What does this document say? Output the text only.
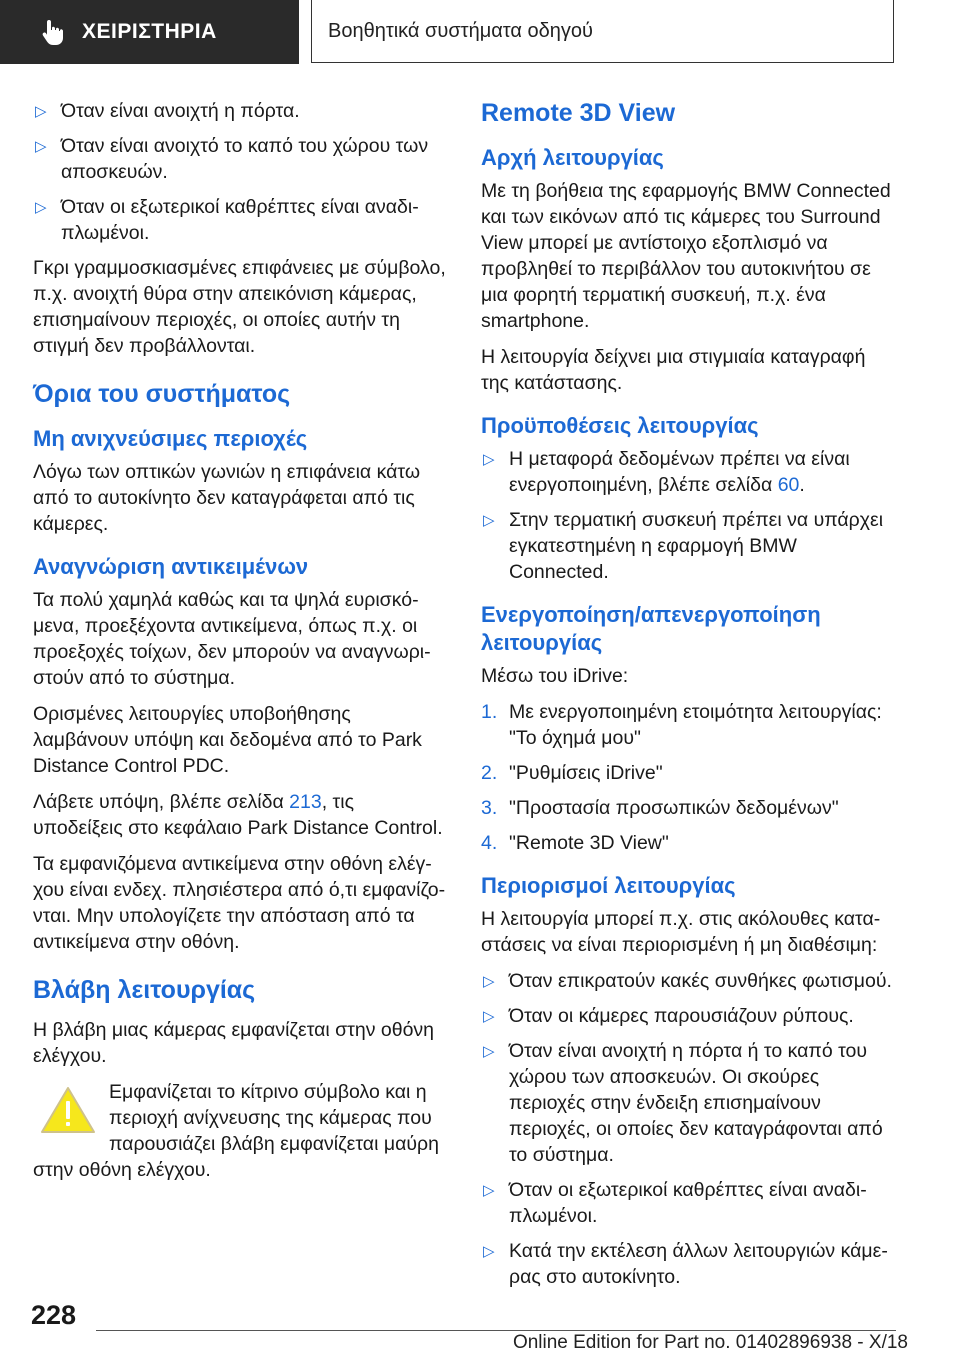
ΧΕΙΡΙΣΤΗΡΙΑ	Βοηθητικά συστήματα οδηγού
▷ Όταν είναι ανοιχτή η πόρτα.
▷ Όταν είναι ανοιχτό το καπό του χώρου των αποσκευών.
▷ Όταν οι εξωτερικοί καθρέπτες είναι αναδιπλωμένοι.

Γκρι γραμμοσκιασμένες επιφάνειες με σύμβολο, π.χ. ανοιχτή θύρα στην απεικόνιση κάμερας, επισημαίνουν περιοχές, οι οποίες αυτήν τη στιγμή δεν προβάλλονται.

Όρια του συστήματος
Μη ανιχνεύσιμες περιοχές

Λόγω των οπτικών γωνιών η επιφάνεια κάτω από το αυτοκίνητο δεν καταγράφεται από τις κάμερες.

Αναγνώριση αντικειμένων

Τα πολύ χαμηλά καθώς και τα ψηλά ευρισκόμενα, προεξέχοντα αντικείμενα, όπως π.χ. οι προεξοχές τοίχων, δεν μπορούν να αναγνωριστούν από το σύστημα.

Ορισμένες λειτουργίες υποβοήθησης λαμβάνουν υπόψη και δεδομένα από το Park Distance Control PDC.

Λάβετε υπόψη, βλέπε σελίδα 213, τις υποδείξεις στο κεφάλαιο Park Distance Control.

Τα εμφανιζόμενα αντικείμενα στην οθόνη ελέγχου είναι ενδεχ. πλησιέστερα από ό,τι εμφανίζονται. Μην υπολογίζετε την απόσταση από τα αντικείμενα στην οθόνη.

Βλάβη λειτουργίας

Η βλάβη μιας κάμερας εμφανίζεται στην οθόνη ελέγχου.

Εμφανίζεται το κίτρινο σύμβολο και η περιοχή ανίχνευσης της κάμερας που παρουσιάζει βλάβη εμφανίζεται μαύρη στην οθόνη ελέγχου.

Remote 3D View
Αρχή λειτουργίας

Με τη βοήθεια της εφαρμογής BMW Connected και των εικόνων από τις κάμερες του Surround View μπορεί με αντίστοιχο εξοπλισμό να προβληθεί το περιβάλλον του αυτοκινήτου σε μια φορητή τερματική συσκευή, π.χ. ένα smartphone.

Η λειτουργία δείχνει μια στιγμιαία καταγραφή της κατάστασης.

Προϋποθέσεις λειτουργίας
▷ Η μεταφορά δεδομένων πρέπει να είναι ενεργοποιημένη, βλέπε σελίδα 60.
▷ Στην τερματική συσκευή πρέπει να υπάρχει εγκατεστημένη η εφαρμογή BMW Connected.
Ενεργοποίηση/απενεργοποίηση λειτουργίας

Μέσω του iDrive:

1. Με ενεργοποιημένη ετοιμότητα λειτουργίας: "Το όχημά μου"
2. "Ρυθμίσεις iDrive"
3. "Προστασία προσωπικών δεδομένων"
4. "Remote 3D View"
Περιορισμοί λειτουργίας

Η λειτουργία μπορεί π.χ. στις ακόλουθες καταστάσεις να είναι περιορισμένη ή μη διαθέσιμη:

▷ Όταν επικρατούν κακές συνθήκες φωτισμού.
▷ Όταν οι κάμερες παρουσιάζουν ρύπους.
▷ Όταν είναι ανοιχτή η πόρτα ή το καπό του χώρου των αποσκευών. Οι σκούρες περιοχές στην ένδειξη επισημαίνουν περιοχές, οι οποίες δεν καταγράφονται από το σύστημα.
▷ Όταν οι εξωτερικοί καθρέπτες είναι αναδιπλωμένοι.
▷ Κατά την εκτέλεση άλλων λειτουργιών κάμερας στο αυτοκίνητο.
228
Online Edition for Part no. 01402896938 - X/18
